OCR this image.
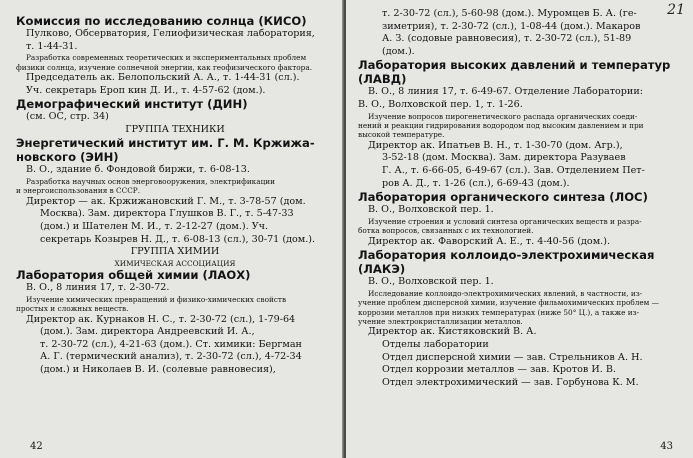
Комиссия по исследованию солнца (КИСО)
Пулково, Обсерватория, Гелиофизическая лаборатория,
т. 1-44-31.
Разработка современных теоретических и экспериментальных проблем
физики солнца, изучение солнечной энергии, как геофизического фактора.
Председатель ак. Белопольский А. А., т. 1-44-31 (сл.).
Уч. секретарь Ероп кин Д. И., т. 4-57-62 (дом.).
Демографический институт (ДИН)
(см. ОС, стр. 34)
ГРУППА ТЕХНИКИ
Энергетический институт им. Г. М. Кржижа-
новского (ЭИН)
В. О., здание б. Фондовой биржи, т. 6-08-13.
Разработка научных основ энерговооружения, электрификации
и энергоиспользования в СССР.
Директор — ак. Кржижановский Г. М., т. 3-78-57 (дом.
Москва). Зам. директора Глушков В. Г., т. 5-47-33
(дом.) и Шателен М. И., т. 2-12-27 (дом.). Уч.
секретарь Козырев Н. Д., т. 6-08-13 (сл.), 30-71 (дом.).
ГРУППА ХИМИИ
ХИМИЧЕСКАЯ АССОЦИАЦИЯ
Лаборатория общей химии (ЛАОХ)
В. О., 8 линия 17, т. 2-30-72.
Изучение химических превращений и физико-химических свойств
простых и сложных веществ.
Директор ак. Курнаков Н. С., т. 2-30-72 (сл.), 1-79-64
(дом.). Зам. директора Андреевский И. А.,
т. 2-30-72 (сл.), 4-21-63 (дом.). Ст. химики: Бергман
А. Г. (термический анализ), т. 2-30-72 (сл.), 4-72-34
(дом.) и Николаев В. И. (солевые равновесия),
42
21
т. 2-30-72 (сл.), 5-60-98 (дом.). Муромцев Б. А. (ге-
зиметрия), т. 2-30-72 (сл.), 1-08-44 (дом.). Макаров
А. З. (содовые равновесия), т. 2-30-72 (сл.), 51-89
(дом.).
Лаборатория высоких давлений и температур
(ЛАВД)
В. О., 8 линия 17, т. 6-49-67. Отделение Лаборатории:
В. О., Волховской пер. 1, т. 1-26.
Изучение вопросов пирогенетического распада органических соеди-
нений и реакции гидрирования водородом под высоким давлением и при
высокой температуре.
Директор ак. Ипатьев В. Н., т. 1-30-70 (дом. Агр.),
3-52-18 (дом. Москва). Зам. директора Разуваев
Г. А., т. 6-66-05, 6-49-67 (сл.). Зав. Отделением Пет-
ров А. Д., т. 1-26 (сл.), 6-69-43 (дом.).
Лаборатория органического синтеза (ЛОС)
В. О., Волховской пер. 1.
Изучение строения и условий синтеза органических веществ и разра-
ботка вопросов, связанных с их технологией.
Директор ак. Фаворский А. Е., т. 4-40-56 (дом.).
Лаборатория коллоидо-электрохимическая
(ЛАКЭ)
В. О., Волховской пер. 1.
Исследование коллоидо-электрохимических явлений, в частности, из-
учение проблем дисперсной химии, изучение фильмохимических проблем —
коррозии металлов при низких температурах (ниже 50° Ц.), а также из-
учение электрокристаллизации металлов.
Директор ак. Кистяковский В. А.
Отделы лаборатории
Отдел дисперсной химии — зав. Стрельников А. Н.
Отдел коррозии металлов — зав. Кротов И. В.
Отдел электрохимический — зав. Горбунова К. М.
43
